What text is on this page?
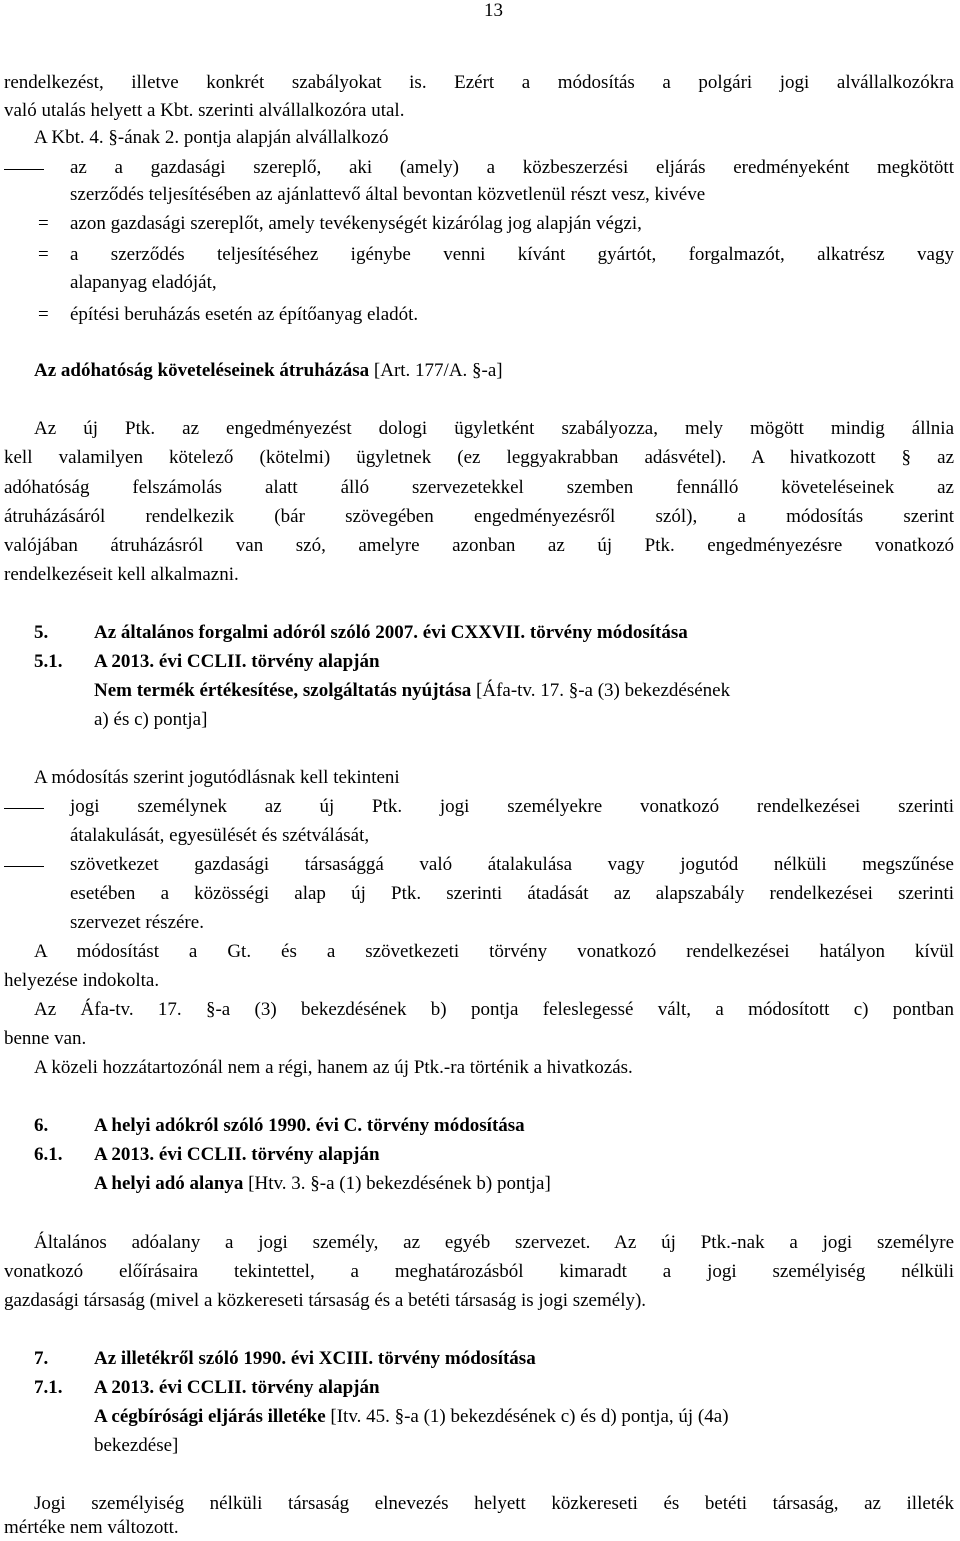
13
rendelkezést, illetve konkrét szabályokat is. Ezért a módosítás a polgári jogi alvállalkozókra
való utalás helyett a Kbt. szerinti alvállalkozóra utal.
A Kbt. 4. §-ának 2. pontja alapján alvállalkozó
az a gazdasági szereplő, aki (amely) a közbeszerzési eljárás eredményeként megkötött
szerződés teljesítésében az ajánlattevő által bevontan közvetlenül részt vesz, kivéve
= azon gazdasági szereplőt, amely tevékenységét kizárólag jog alapján végzi,
= a szerződés teljesítéséhez igénybe venni kívánt gyártót, forgalmazót, alkatrész vagy
alapanyag eladóját,
= építési beruházás esetén az építőanyag eladót.
Az adóhatóság követeléseinek átruházása [Art. 177/A. §-a]
Az új Ptk. az engedményezést dologi ügyletként szabályozza, mely mögött mindig állnia
kell valamilyen kötelező (kötelmi) ügyletnek (ez leggyakrabban adásvétel). A hivatkozott § az
adóhatóság felszámolás alatt álló szervezetekkel szemben fennálló követeléseinek az
átruházásáról rendelkezik (bár szövegében engedményezésről szól), a módosítás szerint
valójában átruházásról van szó, amelyre azonban az új Ptk. engedményezésre vonatkozó
rendelkezéseit kell alkalmazni.
5. Az általános forgalmi adóról szóló 2007. évi CXXVII. törvény módosítása
5.1. A 2013. évi CCLII. törvény alapján
Nem termék értékesítése, szolgáltatás nyújtása [Áfa-tv. 17. §-a (3) bekezdésének
a) és c) pontja]
A módosítás szerint jogutódlásnak kell tekinteni
jogi személynek az új Ptk. jogi személyekre vonatkozó rendelkezései szerinti
átalakulását, egyesülését és szétválását,
szövetkezet gazdasági társasággá való átalakulása vagy jogutód nélküli megszűnése
esetében a közösségi alap új Ptk. szerinti átadását az alapszabály rendelkezései szerinti
szervezet részére.
A módosítást a Gt. és a szövetkezeti törvény vonatkozó rendelkezései hatályon kívül
helyezése indokolta.
Az Áfa-tv. 17. §-a (3) bekezdésének b) pontja feleslegessé vált, a módosított c) pontban
benne van.
A közeli hozzátartozónál nem a régi, hanem az új Ptk.-ra történik a hivatkozás.
6. A helyi adókról szóló 1990. évi C. törvény módosítása
6.1. A 2013. évi CCLII. törvény alapján
A helyi adó alanya [Htv. 3. §-a (1) bekezdésének b) pontja]
Általános adóalany a jogi személy, az egyéb szervezet. Az új Ptk.-nak a jogi személyre
vonatkozó előírásaira tekintettel, a meghatározásból kimaradt a jogi személyiség nélküli
gazdasági társaság (mivel a közkereseti társaság és a betéti társaság is jogi személy).
7. Az illetékről szóló 1990. évi XCIII. törvény módosítása
7.1. A 2013. évi CCLII. törvény alapján
A cégbírósági eljárás illetéke [Itv. 45. §-a (1) bekezdésének c) és d) pontja, új (4a)
bekezdése]
Jogi személyiség nélküli társaság elnevezés helyett közkereseti és betéti társaság, az illeték
mértéke nem változott.
